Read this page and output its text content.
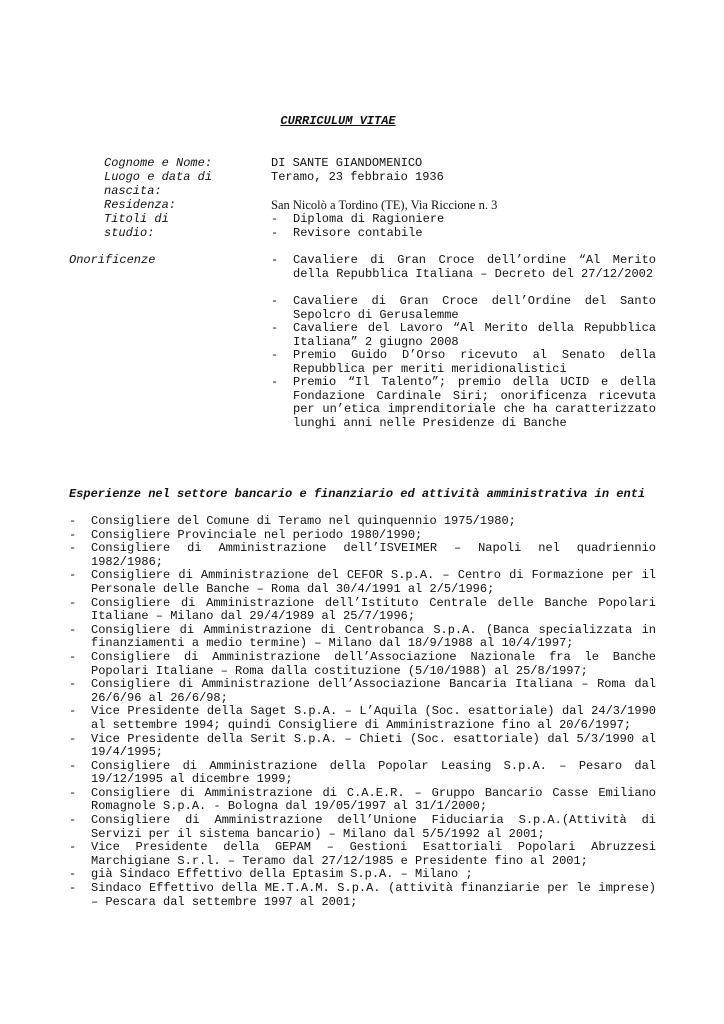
CURRICULUM VITAE
Cognome e Nome:	DI SANTE GIANDOMENICO
Luogo e data di
nascita:
Teramo, 23 febbraio 1936
Residenza:	San Nicolò a Tordino (TE), Via Riccione n. 3
Titoli di
studio:
- Diploma di Ragioniere
- Revisore contabile
Onorificenze	- Cavaliere di Gran Croce dell’ordine “Al Merito della Repubblica Italiana – Decreto del 27/12/2002
- Cavaliere di Gran Croce dell’Ordine del Santo Sepolcro di Gerusalemme
- Cavaliere del Lavoro “Al Merito della Repubblica Italiana” 2 giugno 2008
- Premio Guido D’Orso ricevuto al Senato della Repubblica per meriti meridionalistici
- Premio “Il Talento”; premio della UCID e della Fondazione Cardinale Siri; onorificenza ricevuta per un’etica imprenditoriale che ha caratterizzato lunghi anni nelle Presidenze di Banche
Esperienze nel settore bancario e finanziario ed attività amministrativa in enti
-	Consigliere del Comune di Teramo nel quinquennio 1975/1980;
-	Consigliere Provinciale nel periodo 1980/1990;
-	Consigliere di Amministrazione dell’ISVEIMER – Napoli nel quadriennio 1982/1986;
-	Consigliere di Amministrazione del CEFOR S.p.A. – Centro di Formazione per il Personale delle Banche – Roma dal 30/4/1991 al 2/5/1996;
-	Consigliere di Amministrazione dell’Istituto Centrale delle Banche Popolari Italiane – Milano dal 29/4/1989 al 25/7/1996;
-	Consigliere di Amministrazione di Centrobanca S.p.A. (Banca specializzata in finanziamenti a medio termine) – Milano dal 18/9/1988 al 10/4/1997;
-	Consigliere di Amministrazione dell’Associazione Nazionale fra le Banche Popolari Italiane – Roma dalla costituzione (5/10/1988) al 25/8/1997;
-	Consigliere di Amministrazione dell’Associazione Bancaria Italiana – Roma dal 26/6/96 al 26/6/98;
-	Vice Presidente della Saget S.p.A. – L’Aquila (Soc. esattoriale) dal 24/3/1990 al settembre 1994; quindi Consigliere di Amministrazione fino al 20/6/1997;
-	Vice Presidente della Serit S.p.A. – Chieti (Soc. esattoriale) dal 5/3/1990 al 19/4/1995;
-	Consigliere di Amministrazione della Popolar Leasing S.p.A. – Pesaro dal 19/12/1995 al dicembre 1999;
-	Consigliere di Amministrazione di C.A.E.R. – Gruppo Bancario Casse Emiliano Romagnole S.p.A. - Bologna dal 19/05/1997 al 31/1/2000;
-	Consigliere di Amministrazione dell’Unione Fiduciaria S.p.A.(Attività di Servizi per il sistema bancario) – Milano dal 5/5/1992 al 2001;
-	Vice Presidente della GEPAM – Gestioni Esattoriali Popolari Abruzzesi Marchigiane S.r.l. – Teramo dal 27/12/1985 e Presidente fino al 2001;
-	già Sindaco Effettivo della Eptasim S.p.A. – Milano ;
-	Sindaco Effettivo della ME.T.A.M. S.p.A. (attività finanziarie per le imprese) – Pescara dal settembre 1997 al 2001;
